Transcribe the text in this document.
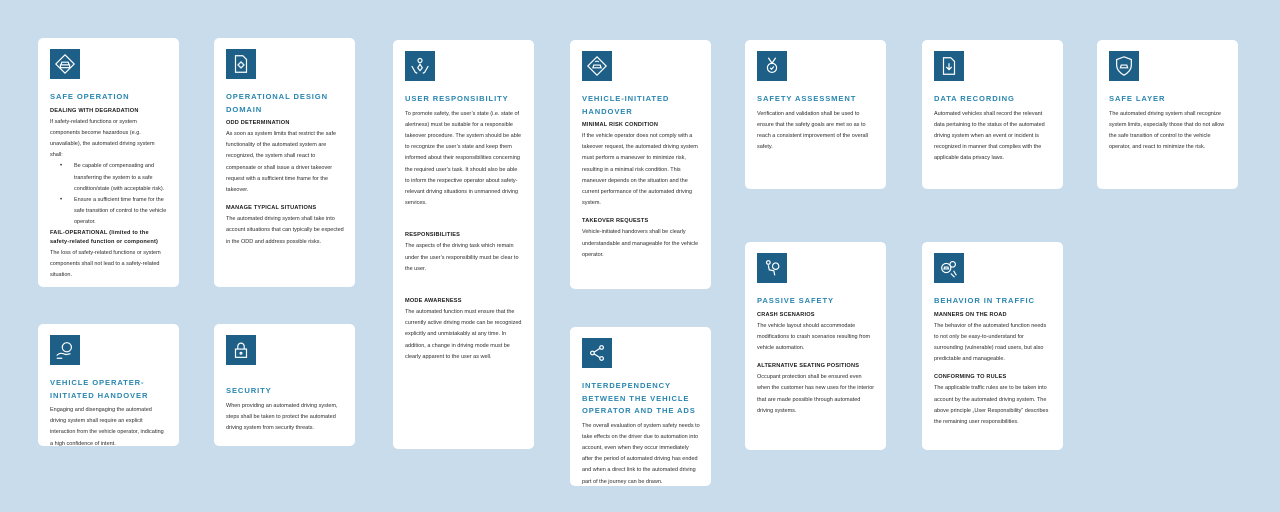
SAFE OPERATION
DEALING WITH DEGRADATION

If safety-related functions or system components become hazardous (e.g. unavailable), the automated driving system shall:

• Be capable of compensating and transferring the system to a safe condition/state (with acceptable risk).
• Ensure a sufficient time frame for the safe transition of control to the vehicle operator.
FAIL-OPERATIONAL (limited to the safety-related function or component)

The loss of safety-related functions or system components shall not lead to a safety-related situation.

VEHICLE OPERATER-INITIATED HANDOVER

Engaging and disengaging the automated driving system shall require an explicit interaction from the vehicle operator, indicating a high confidence of intent.

OPERATIONAL DESIGN DOMAIN
ODD DETERMINATION

As soon as system limits that restrict the safe functionality of the automated system are recognized, the system shall react to compensate or shall issue a driver takeover request with a sufficient time frame for the takeover.

MANAGE TYPICAL SITUATIONS

The automated driving system shall take into account situations that can typically be expected in the ODD and address possible risks.

SECURITY

When providing an automated driving system, steps shall be taken to protect the automated driving system from security threats.

USER RESPONSIBILITY

To promote safety, the user’s state (i.e. state of alertness) must be suitable for a responsible takeover procedure. The system should be able to recognize the user’s state and keep them informed about their responsibilities concerning the required user’s task. It should also be able to inform the respective operator about safety-relevant driving situations in unmanned driving services.

RESPONSIBILITIES

The aspects of the driving task which remain under the user’s responsibility must be clear to the user.

MODE AWARENESS

The automated function must ensure that the currently active driving mode can be recognized explicitly and unmistakably at any time. In addition, a change in driving mode must be clearly apparent to the user as well.

VEHICLE-INITIATED HANDOVER
MINIMAL RISK CONDITION

If the vehicle operator does not comply with a takeover request, the automated driving system must perform a maneuver to minimize risk, resulting in a minimal risk condition. This maneuver depends on the situation and the current performance of the automated driving system.

TAKEOVER REQUESTS

Vehicle-initiated handovers shall be clearly understandable and manageable for the vehicle operator.

INTERDEPENDENCY BETWEEN THE VEHICLE OPERATOR AND THE ADS

The overall evaluation of system safety needs to take effects on the driver due to automation into account, even when they occur immediately after the period of automated driving has ended and when a direct link to the automated driving part of the journey can be drawn.

SAFETY ASSESSMENT

Verification and validation shall be used to ensure that the safety goals are met so as to reach a consistent improvement of the overall safety.

PASSIVE SAFETY
CRASH SCENARIOS

The vehicle layout should accommodate modifications to crash scenarios resulting from vehicle automation.

ALTERNATIVE SEATING POSITIONS

Occupant protection shall be ensured even when the customer has new uses for the interior that are made possible through automated driving systems.

DATA RECORDING

Automated vehicles shall record the relevant data pertaining to the status of the automated driving system when an event or incident is recognized in manner that complies with the applicable data privacy laws.

BEHAVIOR IN TRAFFIC
MANNERS ON THE ROAD

The behavior of the automated function needs to not only be easy-to-understand for surrounding (vulnerable) road users, but also predictable and manageable.

CONFORMING TO RULES

The applicable traffic rules are to be taken into account by the automated driving system. The above principle „User Responsibility“ describes the remaining user responsibilities.

SAFE LAYER

The automated driving system shall recognize system limits, especially those that do not allow the safe transition of control to the vehicle operator, and react to minimize the risk.
